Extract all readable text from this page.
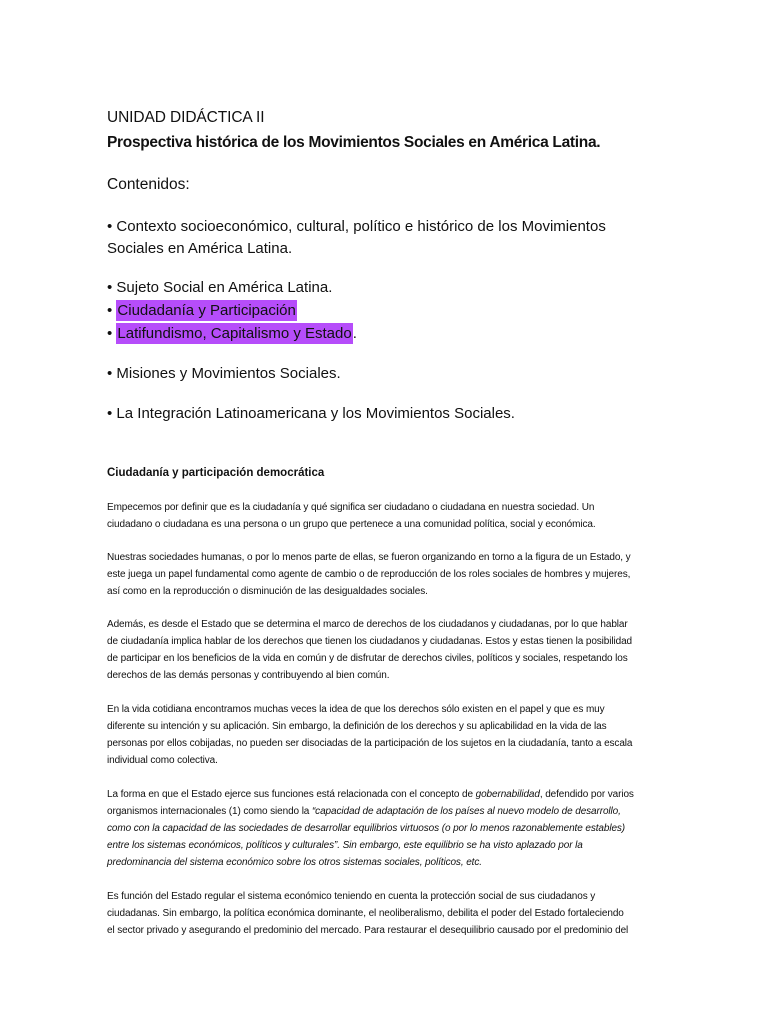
UNIDAD DIDÁCTICA II

Prospectiva histórica de los Movimientos Sociales en América Latina.

Contenidos:

• Contexto socioeconómico, cultural, político e histórico de los Movimientos
Sociales en América Latina.
• Sujeto Social en América Latina.
• Ciudadanía y Participación
• Latifundismo, Capitalismo y Estado.
• Misiones y Movimientos Sociales.
• La Integración Latinoamericana y los Movimientos Sociales.

Ciudadanía y participación democrática

Empecemos por definir que es la ciudadanía y qué significa ser ciudadano o ciudadana en nuestra sociedad. Un

ciudadano o ciudadana es una persona o un grupo que pertenece a una comunidad política, social y económica.

Nuestras sociedades humanas, o por lo menos parte de ellas, se fueron organizando en torno a la figura de un Estado, y

este juega un papel fundamental como agente de cambio o de reproducción de los roles sociales de hombres y mujeres,

así como en la reproducción o disminución de las desigualdades sociales.

Además, es desde el Estado que se determina el marco de derechos de los ciudadanos y ciudadanas, por lo que hablar

de ciudadanía implica hablar de los derechos que tienen los ciudadanos y ciudadanas. Estos y estas tienen la posibilidad

de participar en los beneficios de la vida en común y de disfrutar de derechos civiles, políticos y sociales, respetando los

derechos de las demás personas y contribuyendo al bien común.

En la vida cotidiana encontramos muchas veces la idea de que los derechos sólo existen en el papel y que es muy

diferente su intención y su aplicación. Sin embargo, la definición de los derechos y su aplicabilidad en la vida de las

personas por ellos cobijadas, no pueden ser disociadas de la participación de los sujetos en la ciudadanía, tanto a escala

individual como colectiva.

La forma en que el Estado ejerce sus funciones está relacionada con el concepto de gobernabilidad, defendido por varios

organismos internacionales (1) como siendo la “capacidad de adaptación de los países al nuevo modelo de desarrollo,

como con la capacidad de las sociedades de desarrollar equilibrios virtuosos (o por lo menos razonablemente estables)

entre los sistemas económicos, políticos y culturales”. Sin embargo, este equilibrio se ha visto aplazado por la

predominancia del sistema económico sobre los otros sistemas sociales, políticos, etc.

Es función del Estado regular el sistema económico teniendo en cuenta la protección social de sus ciudadanos y

ciudadanas. Sin embargo, la política económica dominante, el neoliberalismo, debilita el poder del Estado fortaleciendo

el sector privado y asegurando el predominio del mercado. Para restaurar el desequilibrio causado por el predominio del
